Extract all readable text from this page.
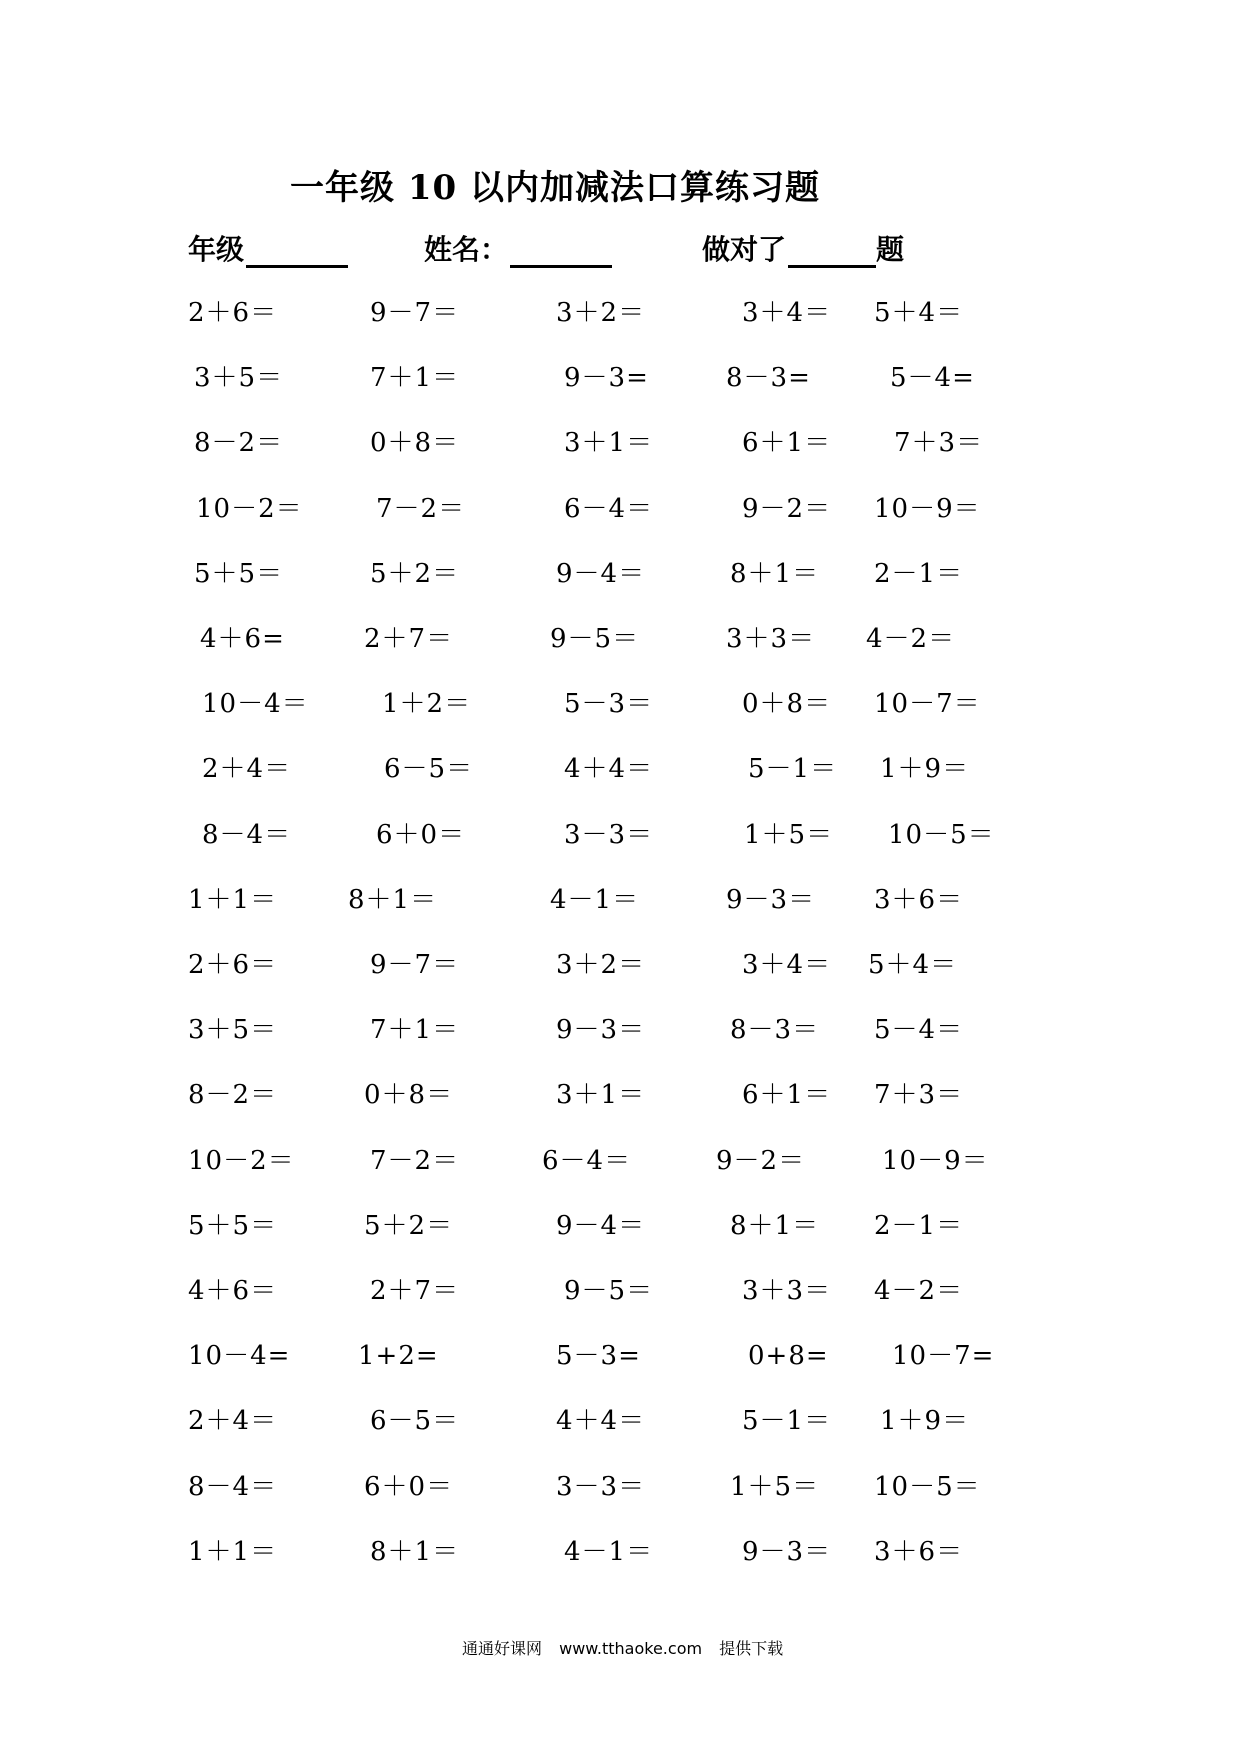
一年级 10 以内加减法口算练习题
年级	姓名：	做对了	题
2＋6＝	9－7＝	3＋2＝	3＋4＝ 5＋4＝
3＋5＝	7＋1＝	9－3=	8－3=	5－4=
8－2＝	0＋8＝	3＋1＝	6＋1＝ 7＋3＝
10－2＝	7－2＝	6－4＝	9－2＝ 10－9＝
5＋5＝	5＋2＝	9－4＝	8＋1＝ 2－1＝
4＋6=	2＋7＝	9－5＝	3＋3＝ 4－2＝
10－4＝	1＋2＝	5－3＝	0＋8＝ 10－7＝
2＋4＝	6－5＝	4＋4＝	5－1＝ 1＋9＝
8－4＝	6＋0＝	3－3＝	1＋5＝ 10－5＝
1＋1＝	8＋1＝	4－1＝	9－3＝ 3＋6＝
2＋6＝	9－7＝	3＋2＝	3＋4＝ 5＋4＝
3＋5＝	7＋1＝	9－3＝	8－3＝ 5－4＝
8－2＝	0＋8＝	3＋1＝	6＋1＝ 7＋3＝
10－2＝	7－2＝	6－4＝	9－2＝	10－9＝
5＋5＝	5＋2＝	9－4＝	8＋1＝ 2－1＝
4＋6＝	2＋7＝	9－5＝	3＋3＝ 4－2＝
10－4=	1+2=	5－3=	0+8= 10－7=
2＋4＝	6－5＝	4＋4＝	5－1＝ 1＋9＝
8－4＝	6＋0＝	3－3＝	1＋5＝ 10－5＝
1＋1＝	8＋1＝	4－1＝	9－3＝ 3＋6＝
通通好课网 www.tthaoke.com 提供下载
